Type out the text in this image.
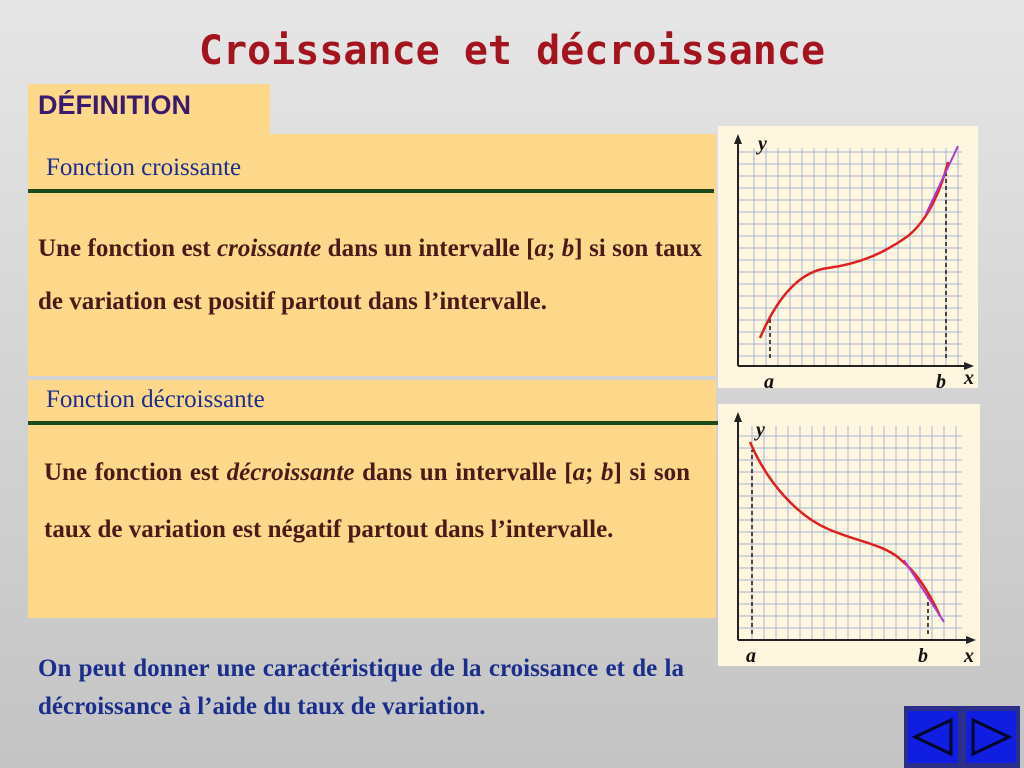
Croissance et décroissance
DÉFINITION
Fonction croissante
Une fonction est croissante dans un intervalle [a; b] si son taux de variation est positif partout dans l’intervalle.
Fonction décroissante
Une fonction est décroissante dans un intervalle [a; b] si son taux de variation est négatif partout dans l’intervalle.
On peut donner une caractéristique de la croissance et de la décroissance à l’aide du taux de variation.
y
a	b x
y
a	b x
